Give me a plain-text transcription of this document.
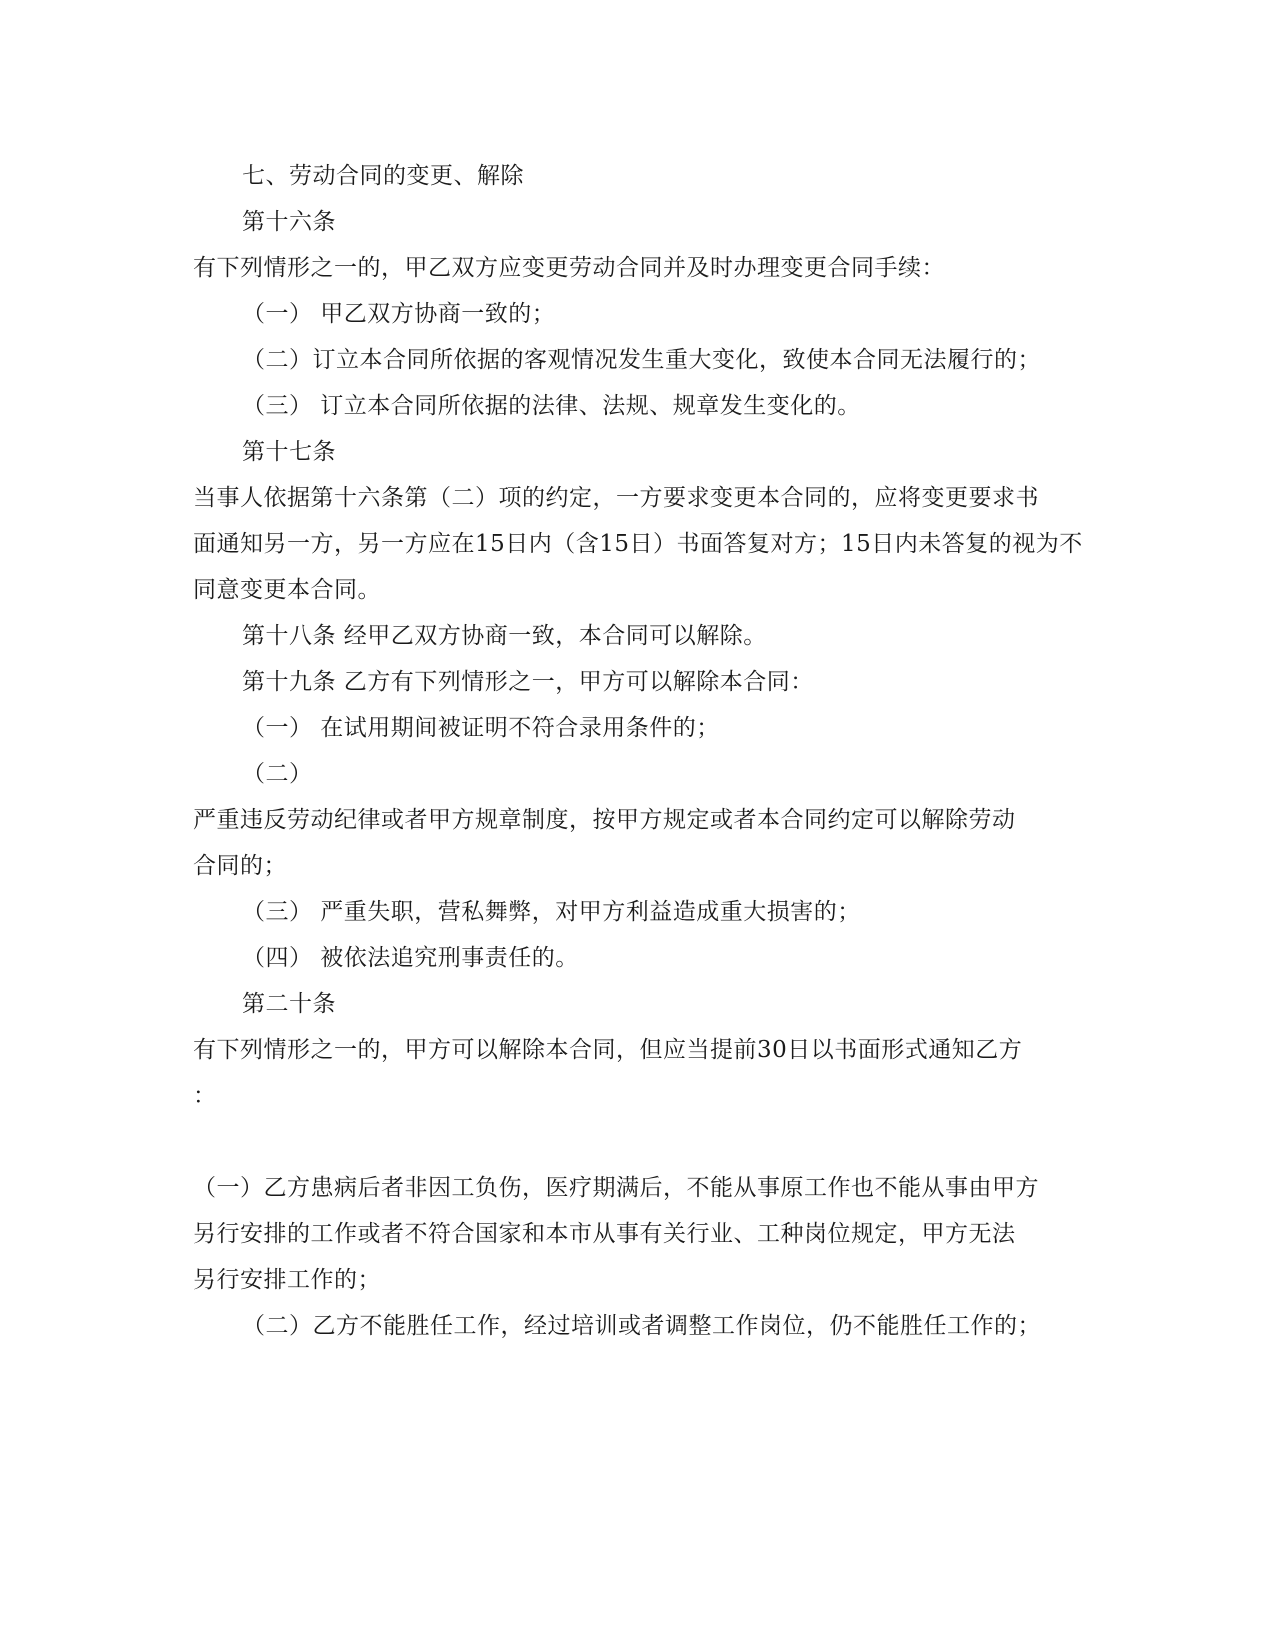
七、劳动合同的变更、解除
第十六条
有下列情形之一的，甲乙双方应变更劳动合同并及时办理变更合同手续：
（一） 甲乙双方协商一致的；
（二）订立本合同所依据的客观情况发生重大变化，致使本合同无法履行的；
（三） 订立本合同所依据的法律、法规、规章发生变化的。
第十七条
当事人依据第十六条第（二）项的约定，一方要求变更本合同的，应将变更要求书
面通知另一方，另一方应在15日内（含15日）书面答复对方；15日内未答复的视为不
同意变更本合同。
第十八条 经甲乙双方协商一致，本合同可以解除。
第十九条 乙方有下列情形之一，甲方可以解除本合同：
（一） 在试用期间被证明不符合录用条件的；
（二）
严重违反劳动纪律或者甲方规章制度，按甲方规定或者本合同约定可以解除劳动
合同的；
（三） 严重失职，营私舞弊，对甲方利益造成重大损害的；
（四） 被依法追究刑事责任的。
第二十条
有下列情形之一的，甲方可以解除本合同，但应当提前30日以书面形式通知乙方
：
（一）乙方患病后者非因工负伤，医疗期满后，不能从事原工作也不能从事由甲方
另行安排的工作或者不符合国家和本市从事有关行业、工种岗位规定，甲方无法
另行安排工作的；
（二）乙方不能胜任工作，经过培训或者调整工作岗位，仍不能胜任工作的；
